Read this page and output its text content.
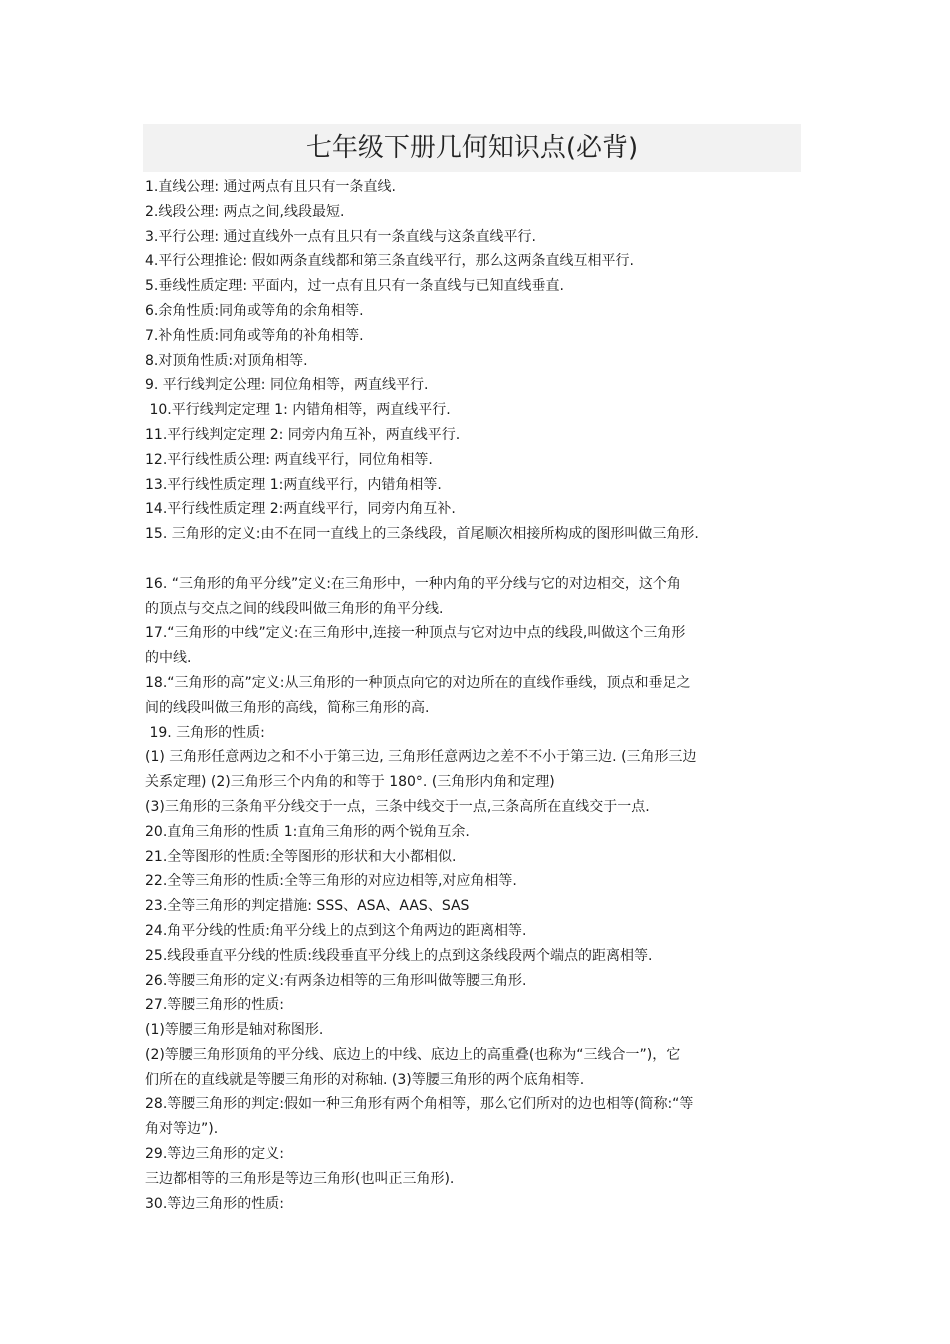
七年级下册几何知识点(必背)

1.直线公理: 通过两点有且只有一条直线.

2.线段公理: 两点之间,线段最短.

3.平行公理: 通过直线外一点有且只有一条直线与这条直线平行.

4.平行公理推论: 假如两条直线都和第三条直线平行，那么这两条直线互相平行.

5.垂线性质定理: 平面内，过一点有且只有一条直线与已知直线垂直.

6.余角性质:同角或等角的余角相等.

7.补角性质:同角或等角的补角相等.

8.对顶角性质:对顶角相等.

9. 平行线判定公理: 同位角相等，两直线平行.

10.平行线判定定理 1: 内错角相等，两直线平行.

11.平行线判定定理 2: 同旁内角互补，两直线平行.

12.平行线性质公理: 两直线平行，同位角相等.

13.平行线性质定理 1:两直线平行，内错角相等.

14.平行线性质定理 2:两直线平行，同旁内角互补.

15. 三角形的定义:由不在同一直线上的三条线段，首尾顺次相接所构成的图形叫做三角形.

16. “三角形的角平分线”定义:在三角形中，一种内角的平分线与它的对边相交，这个角

的顶点与交点之间的线段叫做三角形的角平分线.

17.“三角形的中线”定义:在三角形中,连接一种顶点与它对边中点的线段,叫做这个三角形

的中线.

18.“三角形的高”定义:从三角形的一种顶点向它的对边所在的直线作垂线，顶点和垂足之

间的线段叫做三角形的高线，简称三角形的高.

19. 三角形的性质:

(1) 三角形任意两边之和不小于第三边, 三角形任意两边之差不不小于第三边. (三角形三边

关系定理) (2)三角形三个内角的和等于 180°. (三角形内角和定理)

(3)三角形的三条角平分线交于一点，三条中线交于一点,三条高所在直线交于一点.

20.直角三角形的性质 1:直角三角形的两个锐角互余.

21.全等图形的性质:全等图形的形状和大小都相似.

22.全等三角形的性质:全等三角形的对应边相等,对应角相等.

23.全等三角形的判定措施: SSS、ASA、AAS、SAS

24.角平分线的性质:角平分线上的点到这个角两边的距离相等.

25.线段垂直平分线的性质:线段垂直平分线上的点到这条线段两个端点的距离相等.

26.等腰三角形的定义:有两条边相等的三角形叫做等腰三角形.

27.等腰三角形的性质:

(1)等腰三角形是轴对称图形.

(2)等腰三角形顶角的平分线、底边上的中线、底边上的高重叠(也称为“三线合一”)，它

们所在的直线就是等腰三角形的对称轴. (3)等腰三角形的两个底角相等.

28.等腰三角形的判定:假如一种三角形有两个角相等，那么它们所对的边也相等(简称:“等

角对等边”).

29.等边三角形的定义:

三边都相等的三角形是等边三角形(也叫正三角形).

30.等边三角形的性质:
